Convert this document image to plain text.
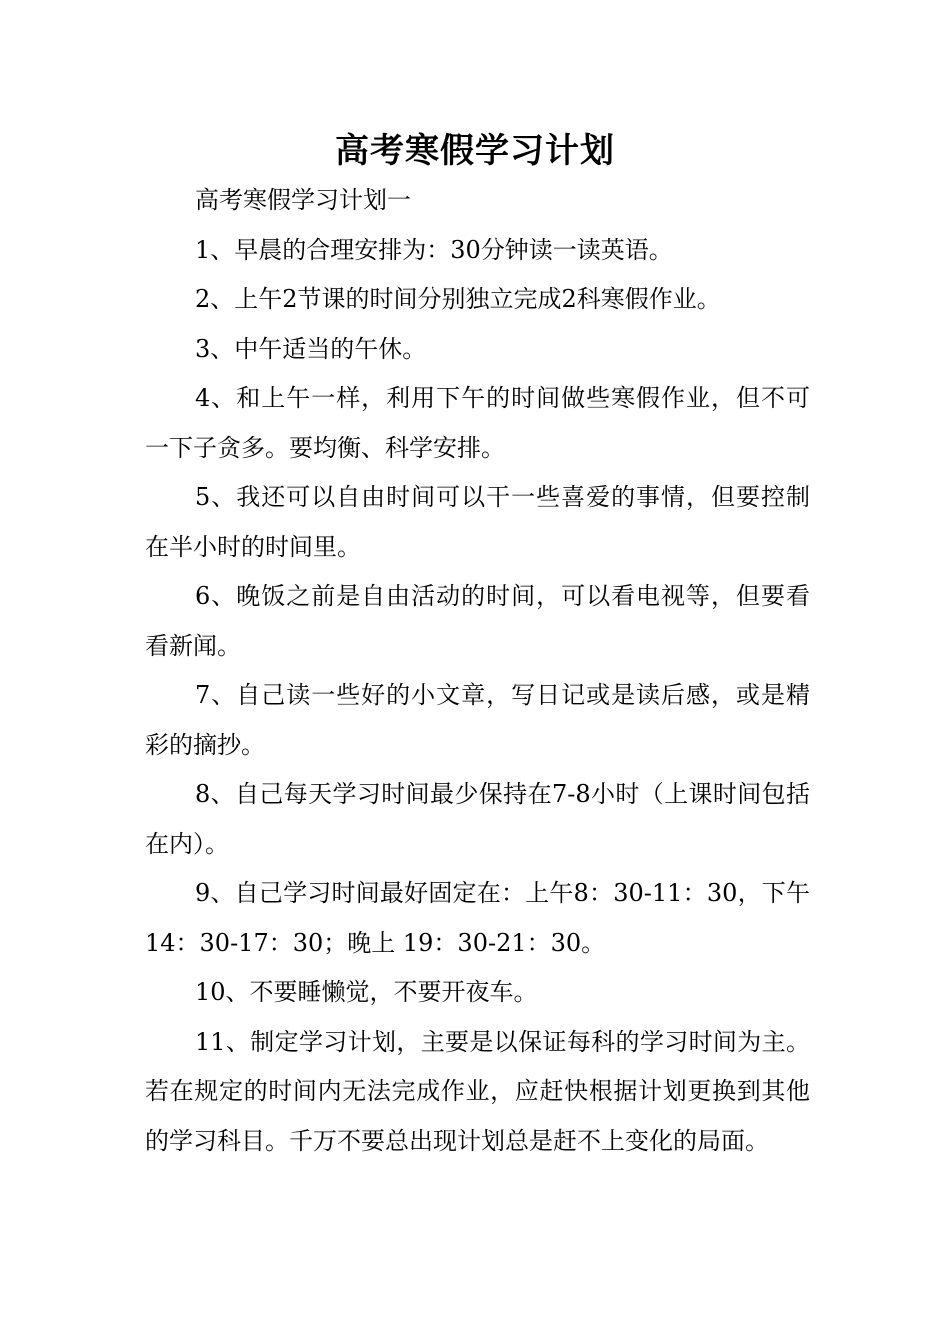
高考寒假学习计划

高考寒假学习计划一

1、早晨的合理安排为：30分钟读一读英语。

2、上午2节课的时间分别独立完成2科寒假作业。

3、中午适当的午休。

4、和上午一样，利用下午的时间做些寒假作业，但不可一下子贪多。要均衡、科学安排。

5、我还可以自由时间可以干一些喜爱的事情，但要控制在半小时的时间里。

6、晚饭之前是自由活动的时间，可以看电视等，但要看看新闻。

7、自己读一些好的小文章，写日记或是读后感，或是精彩的摘抄。

8、自己每天学习时间最少保持在7-8小时（上课时间包括在内）。

9、自己学习时间最好固定在：上午8：30-11：30，下午14：30-17：30；晚上 19：30-21：30。

10、不要睡懒觉，不要开夜车。

11、制定学习计划，主要是以保证每科的学习时间为主。若在规定的时间内无法完成作业，应赶快根据计划更换到其他的学习科目。千万不要总出现计划总是赶不上变化的局面。
